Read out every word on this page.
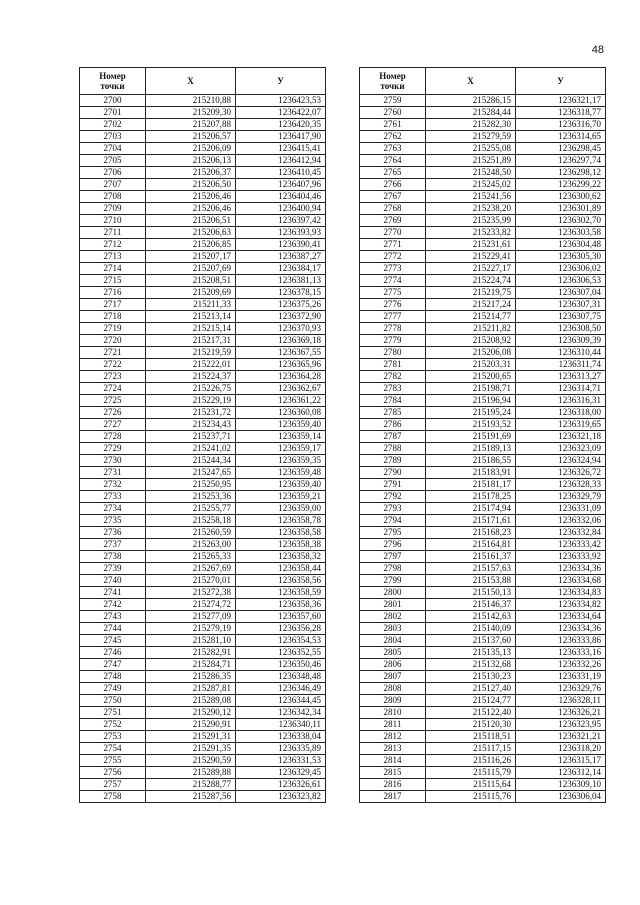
48
Номер
точки	X	У
2700	215210,88	1236423,53
2701	215209,30	1236422,07
2702	215207,88	1236420,35
2703	215206,57	1236417,90
2704	215206,09	1236415,41
2705	215206,13	1236412,94
2706	215206,37	1236410,45
2707	215206,50	1236407,96
2708	215206,46	1236404,46
2709	215206,46	1236400,94
2710	215206,51	1236397,42
2711	215206,63	1236393,93
2712	215206,85	1236390,41
2713	215207,17	1236387,27
2714	215207,69	1236384,17
2715	215208,51	1236381,13
2716	215209,69	1236378,15
2717	215211,33	1236375,26
2718	215213,14	1236372,90
2719	215215,14	1236370,93
2720	215217,31	1236369,18
2721	215219,59	1236367,55
2722	215222,01	1236365,96
2723	215224,37	1236364,28
2724	215226,75	1236362,67
2725	215229,19	1236361,22
2726	215231,72	1236360,08
2727	215234,43	1236359,40
2728	215237,71	1236359,14
2729	215241,02	1236359,17
2730	215244,34	1236359,35
2731	215247,65	1236359,48
2732	215250,95	1236359,40
2733	215253,36	1236359,21
2734	215255,77	1236359,00
2735	215258,18	1236358,78
2736	215260,59	1236358,58
2737	215263,00	1236358,38
2738	215265,33	1236358,32
2739	215267,69	1236358,44
2740	215270,01	1236358,56
2741	215272,38	1236358,59
2742	215274,72	1236358,36
2743	215277,09	1236357,60
2744	215279,19	1236356,28
2745	215281,10	1236354,53
2746	215282,91	1236352,55
2747	215284,71	1236350,46
2748	215286,35	1236348,48
2749	215287,81	1236346,49
2750	215289,08	1236344,45
2751	215290,12	1236342,34
2752	215290,91	1236340,11
2753	215291,31	1236338,04
2754	215291,35	1236335,89
2755	215290,59	1236331,53
2756	215289,88	1236329,45
2757	215288,77	1236326,61
2758	215287,56	1236323,82
Номер
точки	X	У
2759	215286,15	1236321,17
2760	215284,44	1236318,77
2761	215282,30	1236316,70
2762	215279,59	1236314,65
2763	215255,08	1236298,45
2764	215251,89	1236297,74
2765	215248,50	1236298,12
2766	215245,02	1236299,22
2767	215241,56	1236300,62
2768	215238,20	1236301,89
2769	215235,99	1236302,70
2770	215233,82	1236303,58
2771	215231,61	1236304,48
2772	215229,41	1236305,30
2773	215227,17	1236306,02
2774	215224,74	1236306,53
2775	215219,75	1236307,04
2776	215217,24	1236307,31
2777	215214,77	1236307,75
2778	215211,82	1236308,50
2779	215208,92	1236309,39
2780	215206,08	1236310,44
2781	215203,31	1236311,74
2782	215200,65	1236313,27
2783	215198,71	1236314,71
2784	215196,94	1236316,31
2785	215195,24	1236318,00
2786	215193,52	1236319,65
2787	215191,69	1236321,18
2788	215189,13	1236323,09
2789	215186,55	1236324,94
2790	215183,91	1236326,72
2791	215181,17	1236328,33
2792	215178,25	1236329,79
2793	215174,94	1236331,09
2794	215171,61	1236332,06
2795	215168,23	1236332,84
2796	215164,81	1236333,42
2797	215161,37	1236333,92
2798	215157,63	1236334,36
2799	215153,88	1236334,68
2800	215150,13	1236334,83
2801	215146,37	1236334,82
2802	215142,63	1236334,64
2803	215140,09	1236334,36
2804	215137,60	1236333,86
2805	215135,13	1236333,16
2806	215132,68	1236332,26
2807	215130,23	1236331,19
2808	215127,40	1236329,76
2809	215124,77	1236328,11
2810	215122,40	1236326,21
2811	215120,30	1236323,95
2812	215118,51	1236321,21
2813	215117,15	1236318,20
2814	215116,26	1236315,17
2815	215115,79	1236312,14
2816	215115,64	1236309,10
2817	215115,76	1236306,04
